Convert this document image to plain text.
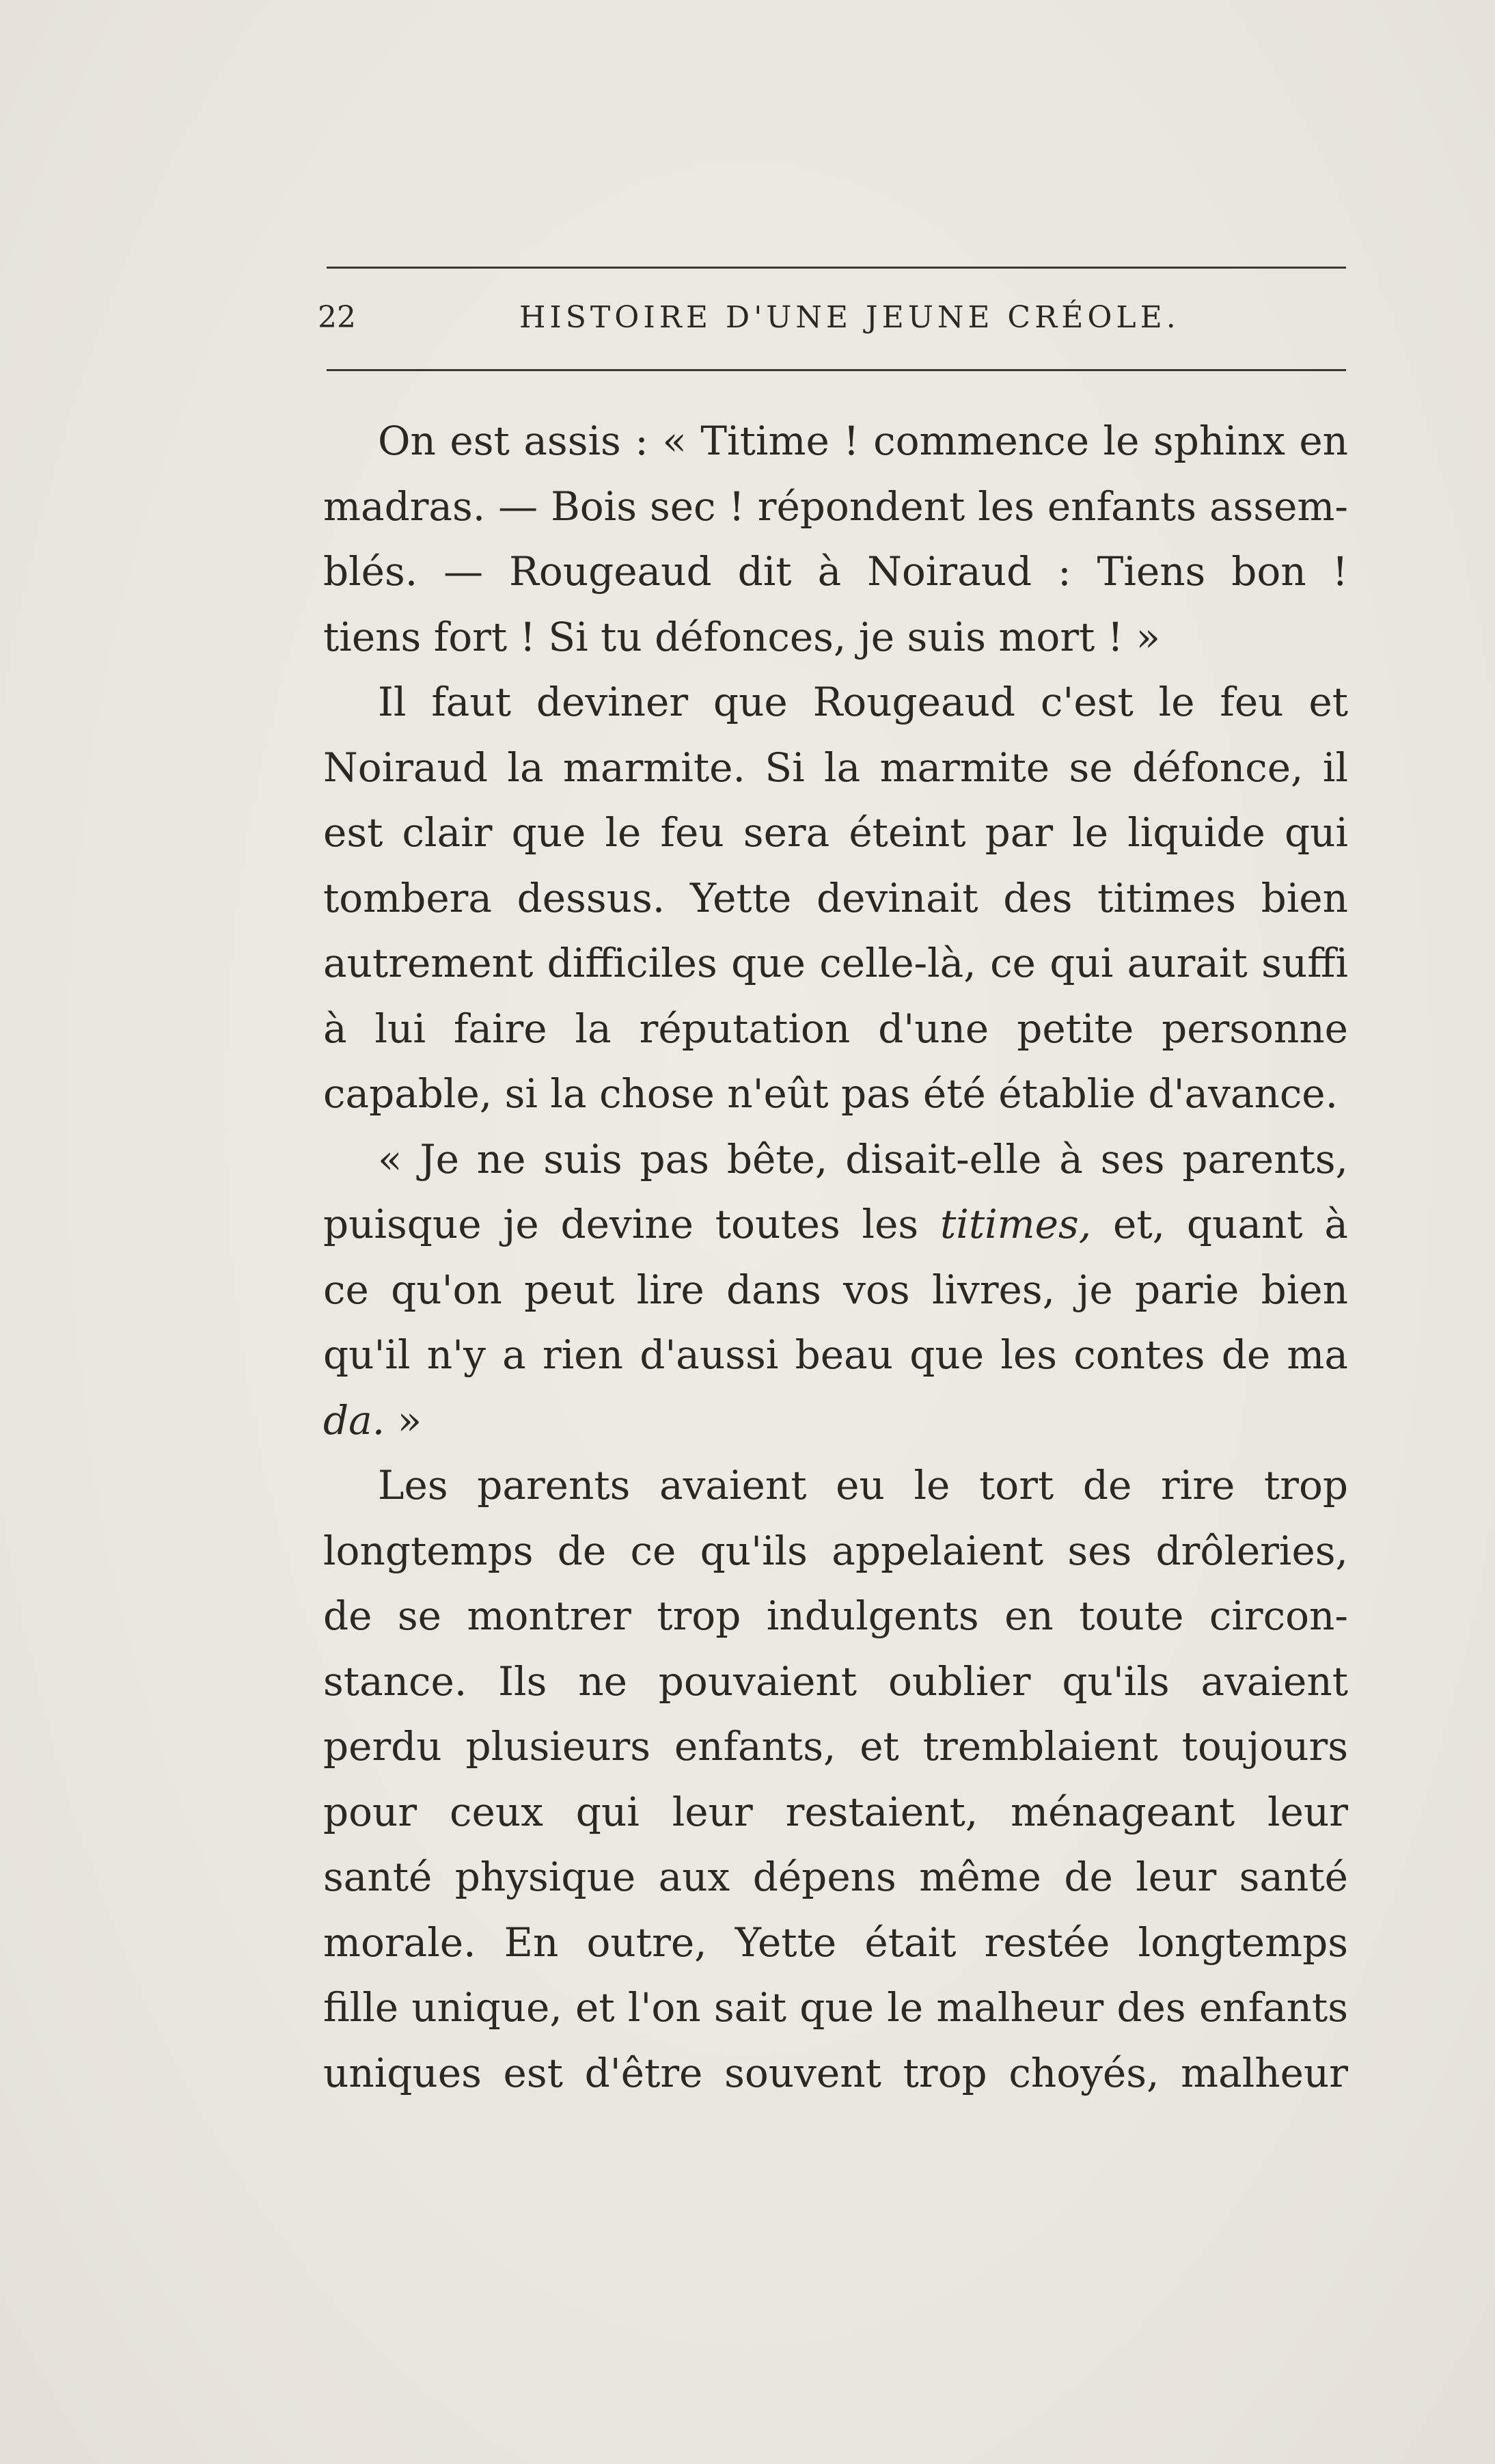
22	HISTOIRE D'UNE JEUNE CRÉOLE.
On est assis : « Titime ! commence le sphinx en
madras. — Bois sec ! répondent les enfants assem-
blés. — Rougeaud dit à Noiraud : Tiens bon !
tiens fort ! Si tu défonces, je suis mort ! »
Il faut deviner que Rougeaud c'est le feu et
Noiraud la marmite. Si la marmite se défonce, il
est clair que le feu sera éteint par le liquide qui
tombera dessus. Yette devinait des titimes bien
autrement difficiles que celle-là, ce qui aurait suffi
à lui faire la réputation d'une petite personne
capable, si la chose n'eût pas été établie d'avance.
« Je ne suis pas bête, disait-elle à ses parents,
puisque je devine toutes les titimes, et, quant à
ce qu'on peut lire dans vos livres, je parie bien
qu'il n'y a rien d'aussi beau que les contes de ma
da. »
Les parents avaient eu le tort de rire trop
longtemps de ce qu'ils appelaient ses drôleries,
de se montrer trop indulgents en toute circon-
stance. Ils ne pouvaient oublier qu'ils avaient
perdu plusieurs enfants, et tremblaient toujours
pour ceux qui leur restaient, ménageant leur
santé physique aux dépens même de leur santé
morale. En outre, Yette était restée longtemps
fille unique, et l'on sait que le malheur des enfants
uniques est d'être souvent trop choyés, malheur
